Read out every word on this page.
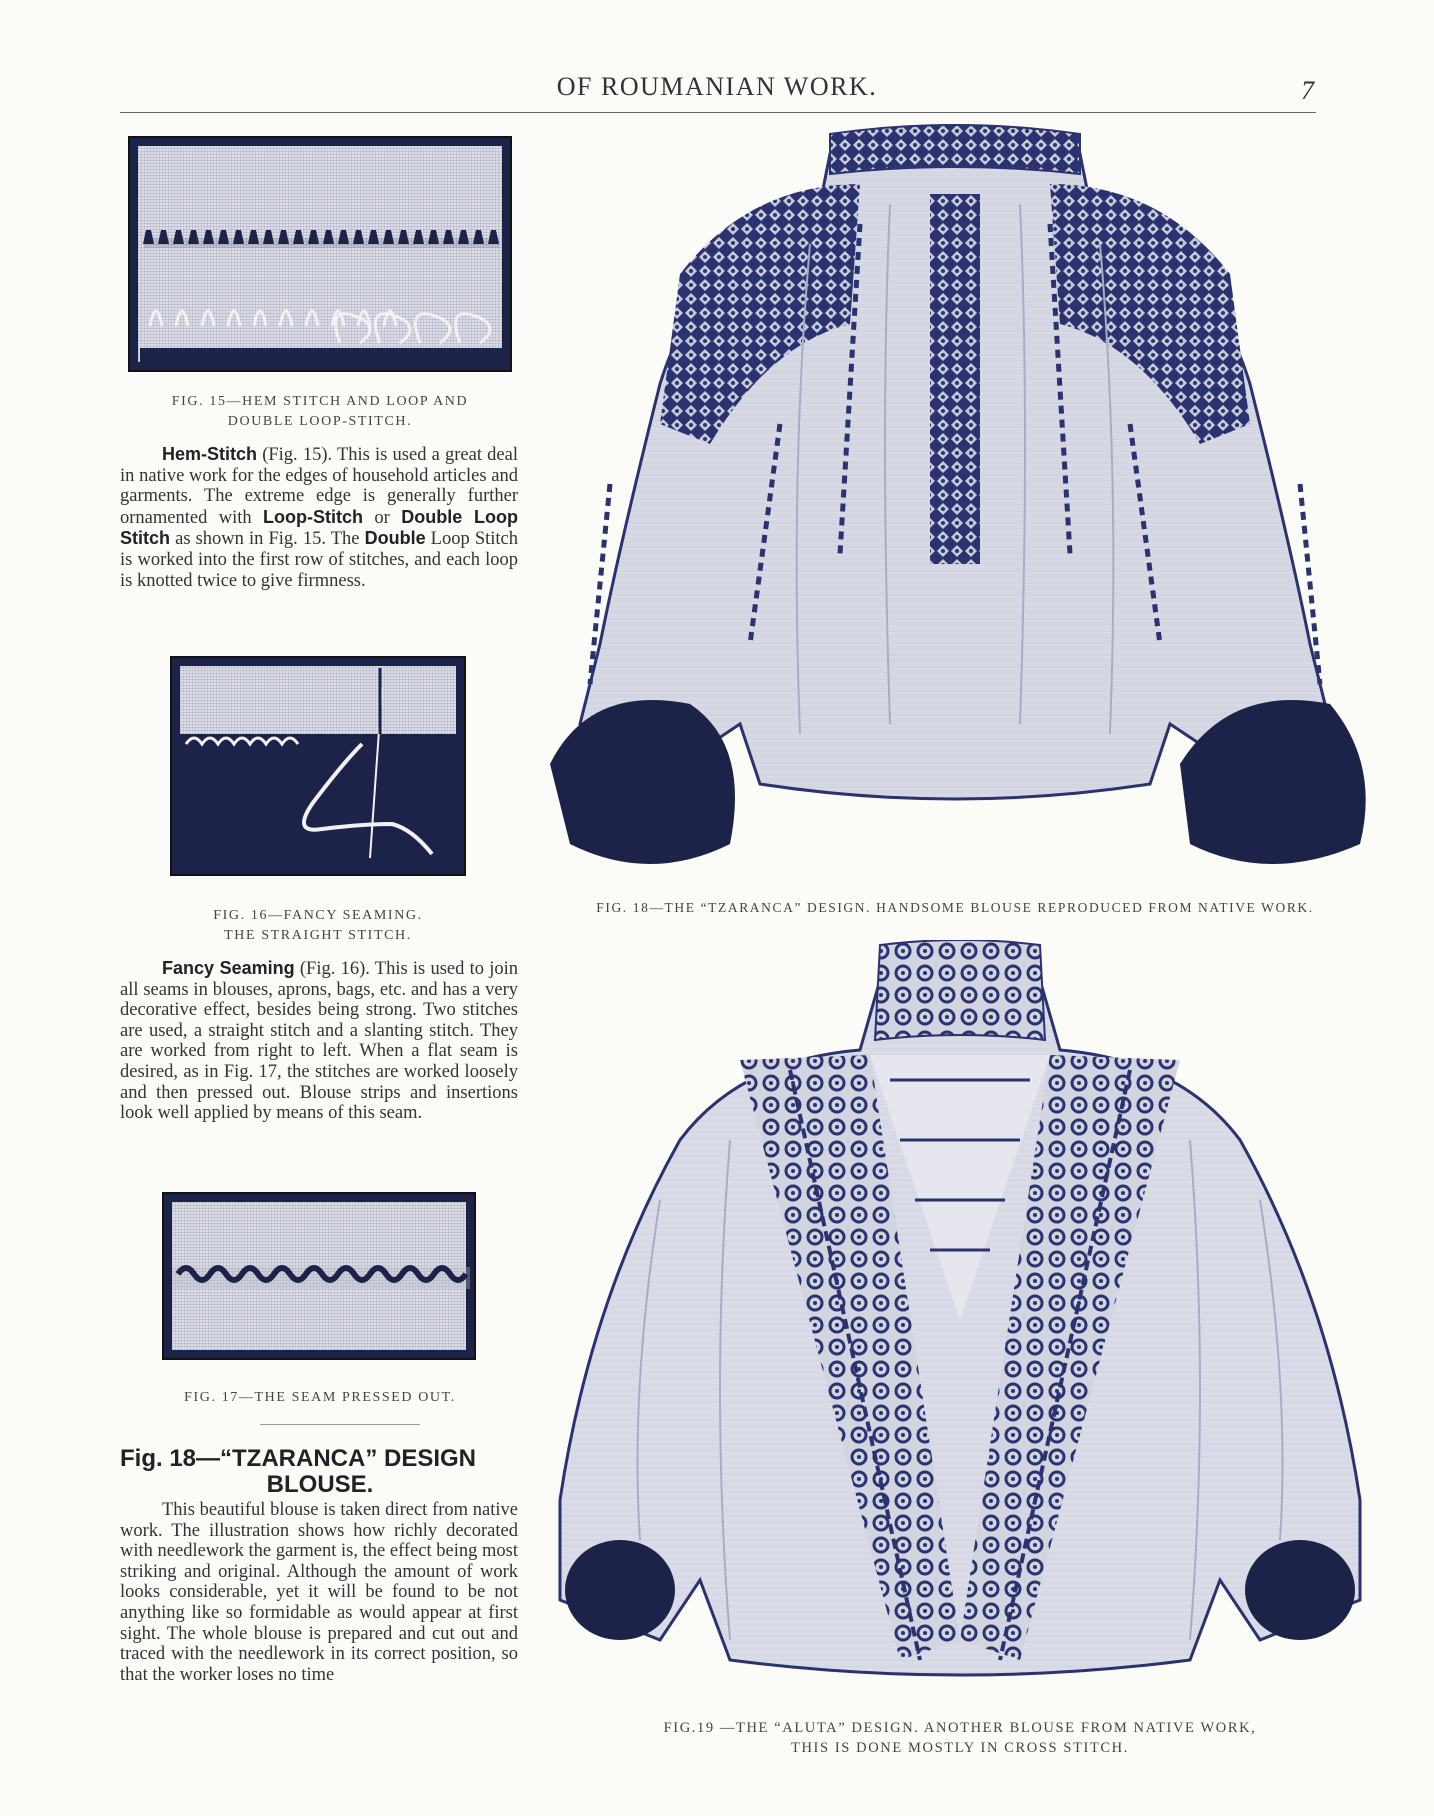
OF ROUMANIAN WORK.	7
FIG. 15—HEM STITCH AND LOOP AND
DOUBLE LOOP-STITCH.
Hem-Stitch (Fig. 15). This is used a great deal in native work for the edges of household articles and garments. The extreme edge is generally further ornamented with Loop-Stitch or Double Loop Stitch as shown in Fig. 15. The Double Loop Stitch is worked into the first row of stitches, and each loop is knotted twice to give firmness.
FIG. 16—FANCY SEAMING.
THE STRAIGHT STITCH.
Fancy Seaming (Fig. 16). This is used to join all seams in blouses, aprons, bags, etc. and has a very decorative effect, besides being strong. Two stitches are used, a straight stitch and a slanting stitch. They are worked from right to left. When a flat seam is desired, as in Fig. 17, the stitches are worked loosely and then pressed out. Blouse strips and insertions look well applied by means of this seam.
FIG. 17—THE SEAM PRESSED OUT.
Fig. 18—“TZARANCA” DESIGN
BLOUSE.
This beautiful blouse is taken direct from native work. The illustration shows how richly decorated with needlework the garment is, the effect being most striking and original. Although the amount of work looks considerable, yet it will be found to be not anything like so formidable as would appear at first sight. The whole blouse is prepared and cut out and traced with the needlework in its correct position, so that the worker loses no time
FIG. 18—THE “TZARANCA” DESIGN. HANDSOME BLOUSE REPRODUCED FROM NATIVE WORK.
FIG.19 —THE “ALUTA” DESIGN. ANOTHER BLOUSE FROM NATIVE WORK,
THIS IS DONE MOSTLY IN CROSS STITCH.
